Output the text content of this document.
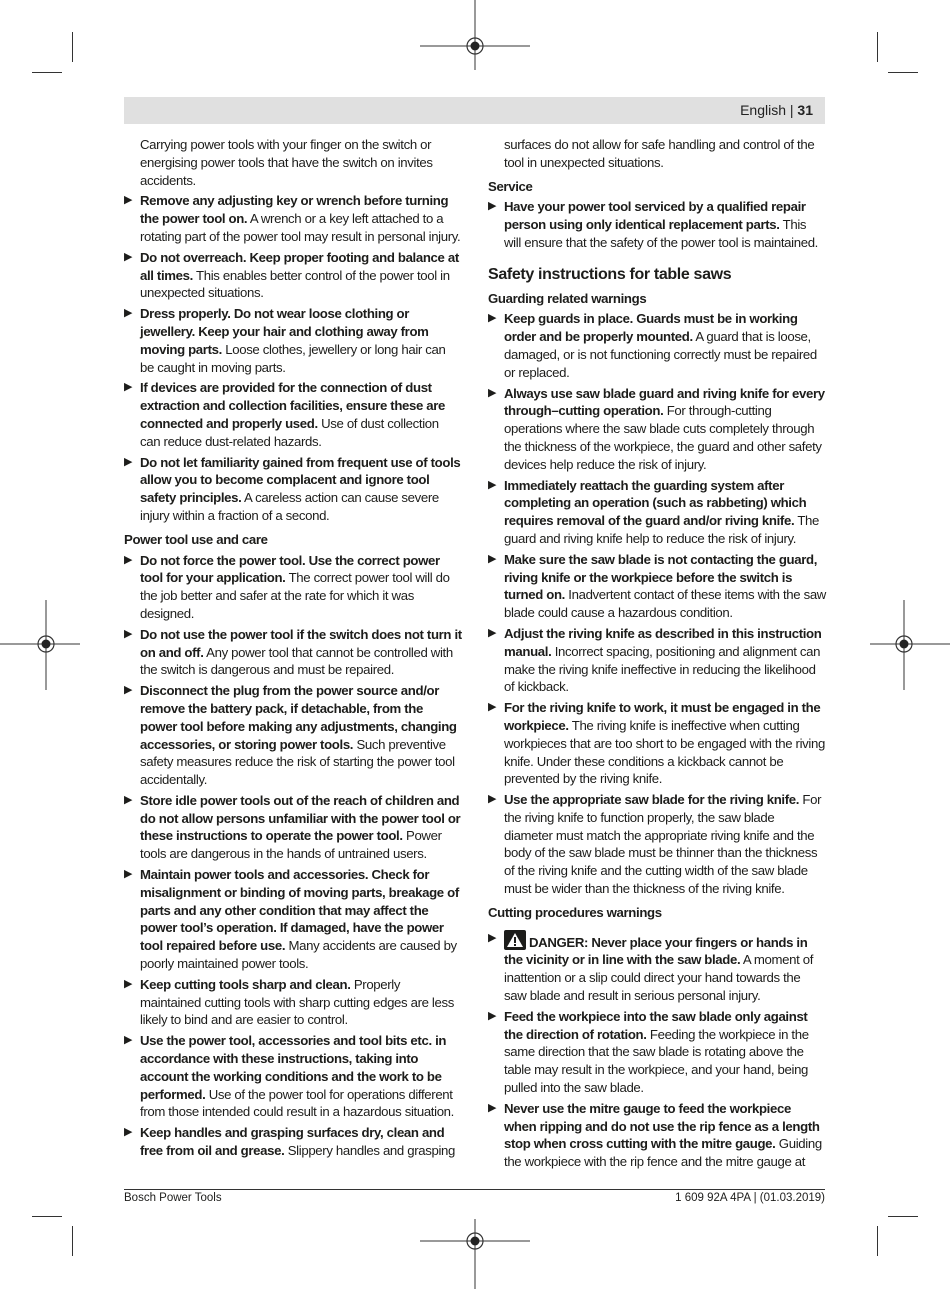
English | 31

Carrying power tools with your finger on the switch or energising power tools that have the switch on invites accidents.

▶ Remove any adjusting key or wrench before turning the power tool on. A wrench or a key left attached to a rotating part of the power tool may result in personal injury.
▶ Do not overreach. Keep proper footing and balance at all times. This enables better control of the power tool in unexpected situations.
▶ Dress properly. Do not wear loose clothing or jewellery. Keep your hair and clothing away from moving parts. Loose clothes, jewellery or long hair can be caught in moving parts.
▶ If devices are provided for the connection of dust extraction and collection facilities, ensure these are connected and properly used. Use of dust collection can reduce dust-related hazards.
▶ Do not let familiarity gained from frequent use of tools allow you to become complacent and ignore tool safety principles. A careless action can cause severe injury within a fraction of a second.

Power tool use and care

▶ Do not force the power tool. Use the correct power tool for your application. The correct power tool will do the job better and safer at the rate for which it was designed.
▶ Do not use the power tool if the switch does not turn it on and off. Any power tool that cannot be controlled with the switch is dangerous and must be repaired.
▶ Disconnect the plug from the power source and/or remove the battery pack, if detachable, from the power tool before making any adjustments, changing accessories, or storing power tools. Such preventive safety measures reduce the risk of starting the power tool accidentally.
▶ Store idle power tools out of the reach of children and do not allow persons unfamiliar with the power tool or these instructions to operate the power tool. Power tools are dangerous in the hands of untrained users.
▶ Maintain power tools and accessories. Check for misalignment or binding of moving parts, breakage of parts and any other condition that may affect the power tool’s operation. If damaged, have the power tool repaired before use. Many accidents are caused by poorly maintained power tools.
▶ Keep cutting tools sharp and clean. Properly maintained cutting tools with sharp cutting edges are less likely to bind and are easier to control.
▶ Use the power tool, accessories and tool bits etc. in accordance with these instructions, taking into account the working conditions and the work to be performed. Use of the power tool for operations different from those intended could result in a hazardous situation.
▶ Keep handles and grasping surfaces dry, clean and free from oil and grease. Slippery handles and grasping

surfaces do not allow for safe handling and control of the tool in unexpected situations.

Service

▶ Have your power tool serviced by a qualified repair person using only identical replacement parts. This will ensure that the safety of the power tool is maintained.

Safety instructions for table saws

Guarding related warnings

▶ Keep guards in place. Guards must be in working order and be properly mounted. A guard that is loose, damaged, or is not functioning correctly must be repaired or replaced.
▶ Always use saw blade guard and riving knife for every through–cutting operation. For through-cutting operations where the saw blade cuts completely through the thickness of the workpiece, the guard and other safety devices help reduce the risk of injury.
▶ Immediately reattach the guarding system after completing an operation (such as rabbeting) which requires removal of the guard and/or riving knife. The guard and riving knife help to reduce the risk of injury.
▶ Make sure the saw blade is not contacting the guard, riving knife or the workpiece before the switch is turned on. Inadvertent contact of these items with the saw blade could cause a hazardous condition.
▶ Adjust the riving knife as described in this instruction manual. Incorrect spacing, positioning and alignment can make the riving knife ineffective in reducing the likelihood of kickback.
▶ For the riving knife to work, it must be engaged in the workpiece. The riving knife is ineffective when cutting workpieces that are too short to be engaged with the riving knife. Under these conditions a kickback cannot be prevented by the riving knife.
▶ Use the appropriate saw blade for the riving knife. For the riving knife to function properly, the saw blade diameter must match the appropriate riving knife and the body of the saw blade must be thinner than the thickness of the riving knife and the cutting width of the saw blade must be wider than the thickness of the riving knife.

Cutting procedures warnings

▶ DANGER: Never place your fingers or hands in the vicinity or in line with the saw blade. A moment of inattention or a slip could direct your hand towards the saw blade and result in serious personal injury.
▶ Feed the workpiece into the saw blade only against the direction of rotation. Feeding the workpiece in the same direction that the saw blade is rotating above the table may result in the workpiece, and your hand, being pulled into the saw blade.
▶ Never use the mitre gauge to feed the workpiece when ripping and do not use the rip fence as a length stop when cross cutting with the mitre gauge. Guiding the workpiece with the rip fence and the mitre gauge at
Bosch Power Tools	1 609 92A 4PA | (01.03.2019)
